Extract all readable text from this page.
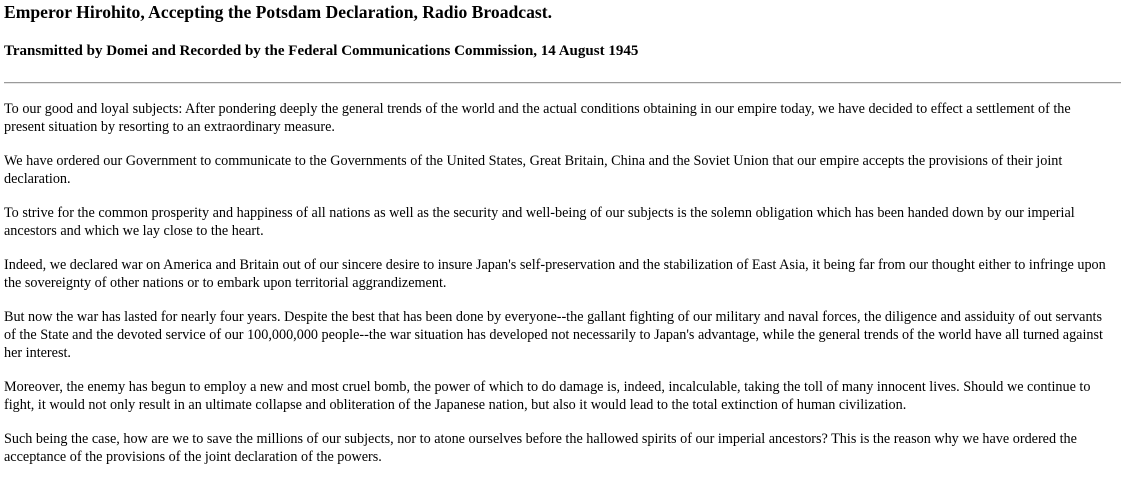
Emperor Hirohito, Accepting the Potsdam Declaration, Radio Broadcast.
Transmitted by Domei and Recorded by the Federal Communications Commission, 14 August 1945

To our good and loyal subjects: After pondering deeply the general trends of the world and the actual conditions obtaining in our empire today, we have decided to effect a settlement of the present situation by resorting to an extraordinary measure.

We have ordered our Government to communicate to the Governments of the United States, Great Britain, China and the Soviet Union that our empire accepts the provisions of their joint declaration.

To strive for the common prosperity and happiness of all nations as well as the security and well-being of our subjects is the solemn obligation which has been handed down by our imperial ancestors and which we lay close to the heart.

Indeed, we declared war on America and Britain out of our sincere desire to insure Japan's self-preservation and the stabilization of East Asia, it being far from our thought either to infringe upon the sovereignty of other nations or to embark upon territorial aggrandizement.

But now the war has lasted for nearly four years. Despite the best that has been done by everyone--the gallant fighting of our military and naval forces, the diligence and assiduity of out servants of the State and the devoted service of our 100,000,000 people--the war situation has developed not necessarily to Japan's advantage, while the general trends of the world have all turned against her interest.

Moreover, the enemy has begun to employ a new and most cruel bomb, the power of which to do damage is, indeed, incalculable, taking the toll of many innocent lives. Should we continue to fight, it would not only result in an ultimate collapse and obliteration of the Japanese nation, but also it would lead to the total extinction of human civilization.

Such being the case, how are we to save the millions of our subjects, nor to atone ourselves before the hallowed spirits of our imperial ancestors? This is the reason why we have ordered the acceptance of the provisions of the joint declaration of the powers.
